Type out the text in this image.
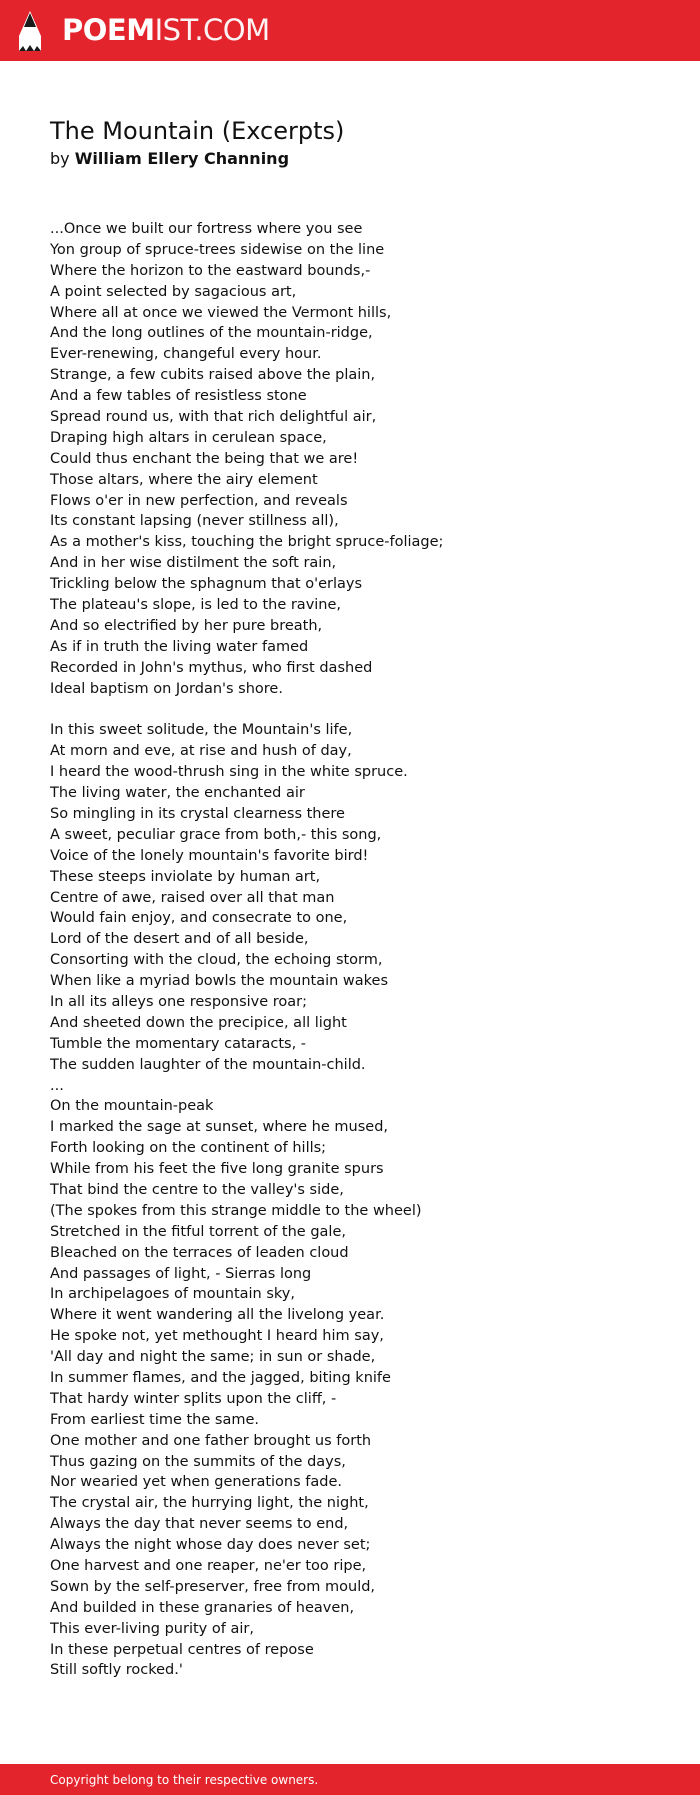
POEMIST.COM
The Mountain (Excerpts)
by William Ellery Channing
...Once we built our fortress where you see
Yon group of spruce-trees sidewise on the line
Where the horizon to the eastward bounds,-
A point selected by sagacious art,
Where all at once we viewed the Vermont hills,
And the long outlines of the mountain-ridge,
Ever-renewing, changeful every hour.
Strange, a few cubits raised above the plain,
And a few tables of resistless stone
Spread round us, with that rich delightful air,
Draping high altars in cerulean space,
Could thus enchant the being that we are!
Those altars, where the airy element
Flows o'er in new perfection, and reveals
Its constant lapsing (never stillness all),
As a mother's kiss, touching the bright spruce-foliage;
And in her wise distilment the soft rain,
Trickling below the sphagnum that o'erlays
The plateau's slope, is led to the ravine,
And so electrified by her pure breath,
As if in truth the living water famed
Recorded in John's mythus, who first dashed
Ideal baptism on Jordan's shore.
In this sweet solitude, the Mountain's life,
At morn and eve, at rise and hush of day,
I heard the wood-thrush sing in the white spruce.
The living water, the enchanted air
So mingling in its crystal clearness there
A sweet, peculiar grace from both,- this song,
Voice of the lonely mountain's favorite bird!
These steeps inviolate by human art,
Centre of awe, raised over all that man
Would fain enjoy, and consecrate to one,
Lord of the desert and of all beside,
Consorting with the cloud, the echoing storm,
When like a myriad bowls the mountain wakes
In all its alleys one responsive roar;
And sheeted down the precipice, all light
Tumble the momentary cataracts, -
The sudden laughter of the mountain-child.
...
On the mountain-peak
I marked the sage at sunset, where he mused,
Forth looking on the continent of hills;
While from his feet the five long granite spurs
That bind the centre to the valley's side,
(The spokes from this strange middle to the wheel)
Stretched in the fitful torrent of the gale,
Bleached on the terraces of leaden cloud
And passages of light, - Sierras long
In archipelagoes of mountain sky,
Where it went wandering all the livelong year.
He spoke not, yet methought I heard him say,
'All day and night the same; in sun or shade,
In summer flames, and the jagged, biting knife
That hardy winter splits upon the cliff, -
From earliest time the same.
One mother and one father brought us forth
Thus gazing on the summits of the days,
Nor wearied yet when generations fade.
The crystal air, the hurrying light, the night,
Always the day that never seems to end,
Always the night whose day does never set;
One harvest and one reaper, ne'er too ripe,
Sown by the self-preserver, free from mould,
And builded in these granaries of heaven,
This ever-living purity of air,
In these perpetual centres of repose
Still softly rocked.'
Copyright belong to their respective owners.
